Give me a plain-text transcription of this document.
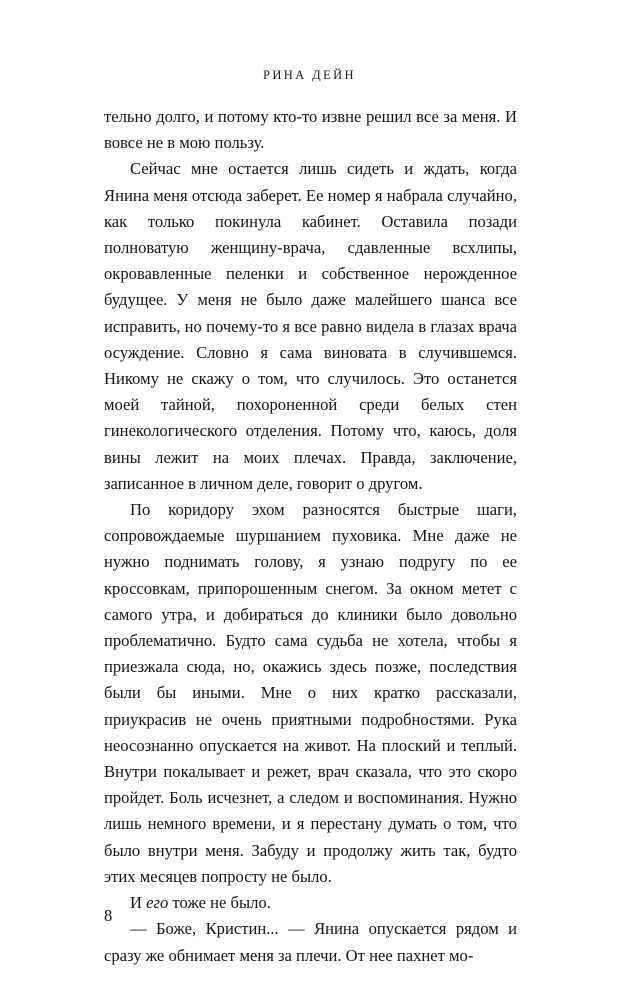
РИНА ДЕЙН

тельно долго, и потому кто-то извне решил все за меня. И вовсе не в мою пользу.

Сейчас мне остается лишь сидеть и ждать, когда Янина меня отсюда заберет. Ее номер я набрала случайно, как только покинула кабинет. Оставила позади полноватую женщину-врача, сдавленные всхлипы, окровавленные пеленки и собственное нерожденное будущее. У меня не было даже малейшего шанса все исправить, но почему-то я все равно видела в глазах врача осуждение. Словно я сама виновата в случившемся. Никому не скажу о том, что случилось. Это останется моей тайной, похороненной среди белых стен гинекологического отделения. Потому что, каюсь, доля вины лежит на моих плечах. Правда, заключение, записанное в личном деле, говорит о другом.

По коридору эхом разносятся быстрые шаги, сопровождаемые шуршанием пуховика. Мне даже не нужно поднимать голову, я узнаю подругу по ее кроссовкам, припорошенным снегом. За окном метет с самого утра, и добираться до клиники было довольно проблематично. Будто сама судьба не хотела, чтобы я приезжала сюда, но, окажись здесь позже, последствия были бы иными. Мне о них кратко рассказали, приукрасив не очень приятными подробностями. Рука неосознанно опускается на живот. На плоский и теплый. Внутри покалывает и режет, врач сказала, что это скоро пройдет. Боль исчезнет, а следом и воспоминания. Нужно лишь немного времени, и я перестану думать о том, что было внутри меня. Забуду и продолжу жить так, будто этих месяцев попросту не было.

И его тоже не было.

— Боже, Кристин... — Янина опускается рядом и сразу же обнимает меня за плечи. От нее пахнет мо-

8
